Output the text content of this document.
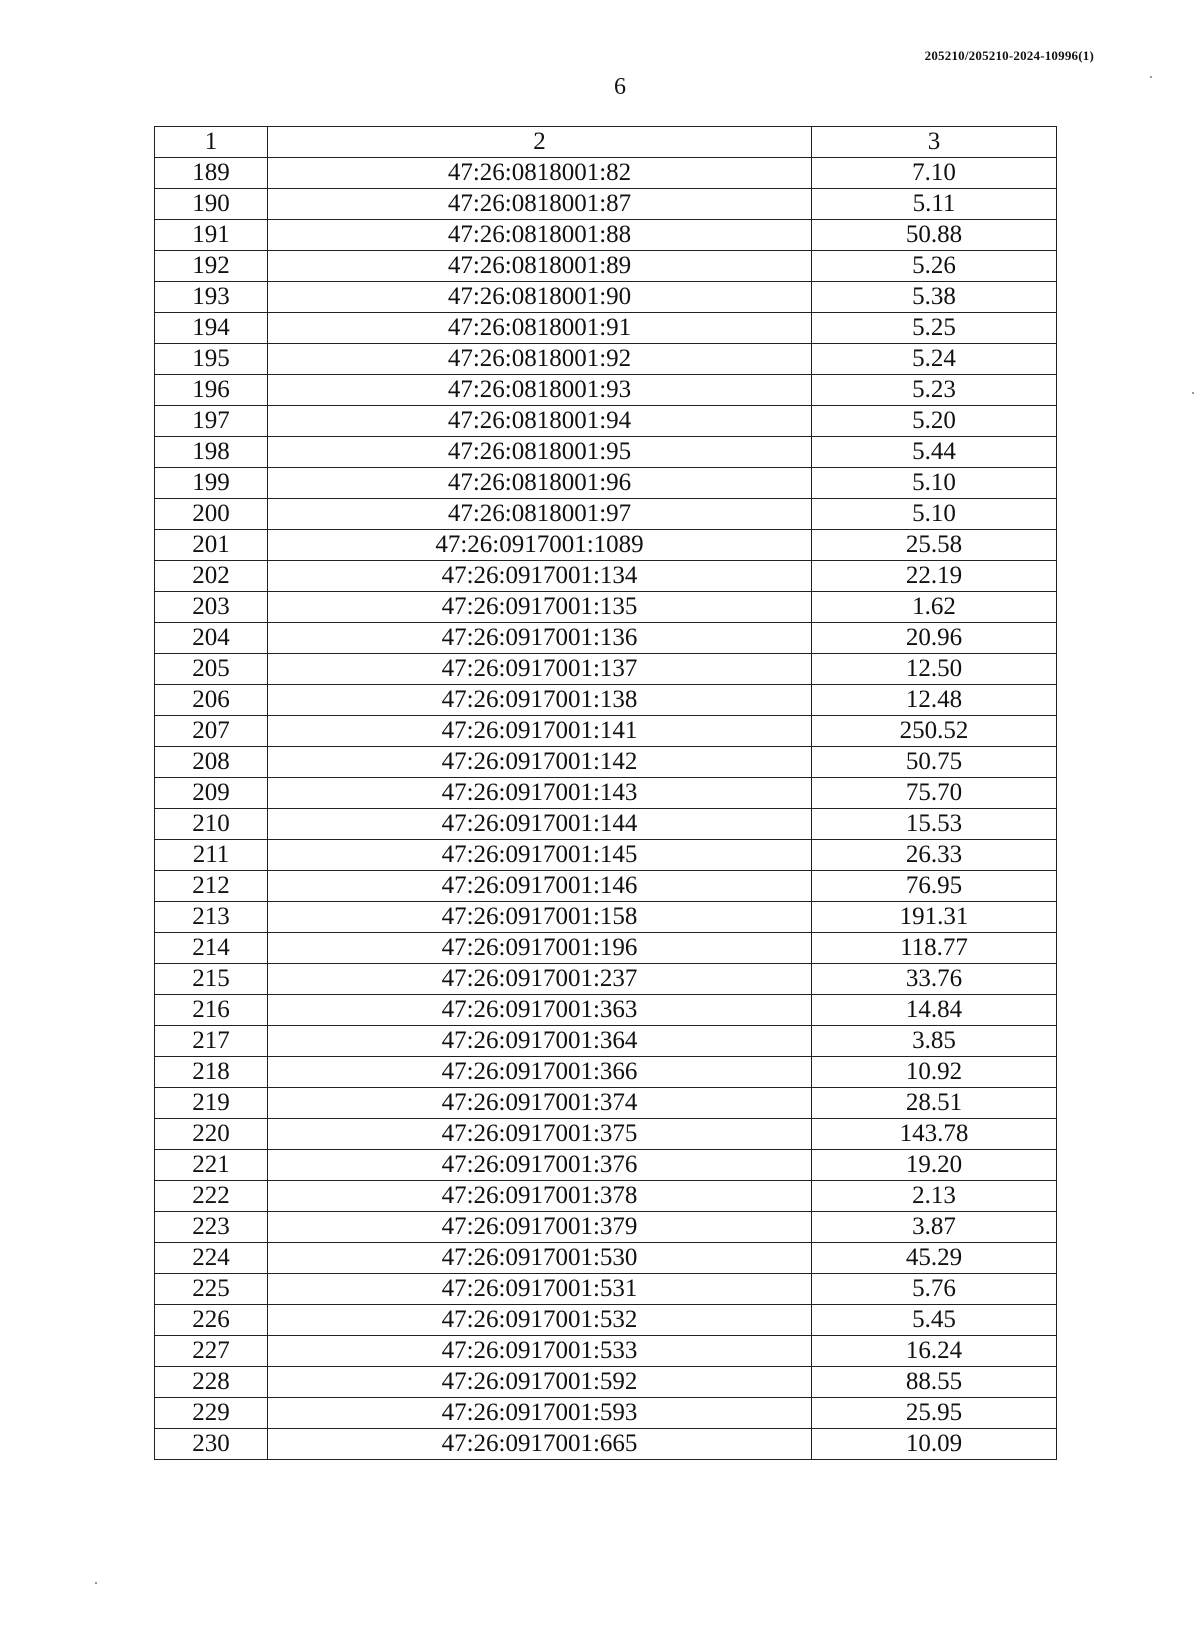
205210/205210-2024-10996(1)
6
1	2	3
189	47:26:0818001:82	7.10
190	47:26:0818001:87	5.11
191	47:26:0818001:88	50.88
192	47:26:0818001:89	5.26
193	47:26:0818001:90	5.38
194	47:26:0818001:91	5.25
195	47:26:0818001:92	5.24
196	47:26:0818001:93	5.23
197	47:26:0818001:94	5.20
198	47:26:0818001:95	5.44
199	47:26:0818001:96	5.10
200	47:26:0818001:97	5.10
201	47:26:0917001:1089	25.58
202	47:26:0917001:134	22.19
203	47:26:0917001:135	1.62
204	47:26:0917001:136	20.96
205	47:26:0917001:137	12.50
206	47:26:0917001:138	12.48
207	47:26:0917001:141	250.52
208	47:26:0917001:142	50.75
209	47:26:0917001:143	75.70
210	47:26:0917001:144	15.53
211	47:26:0917001:145	26.33
212	47:26:0917001:146	76.95
213	47:26:0917001:158	191.31
214	47:26:0917001:196	118.77
215	47:26:0917001:237	33.76
216	47:26:0917001:363	14.84
217	47:26:0917001:364	3.85
218	47:26:0917001:366	10.92
219	47:26:0917001:374	28.51
220	47:26:0917001:375	143.78
221	47:26:0917001:376	19.20
222	47:26:0917001:378	2.13
223	47:26:0917001:379	3.87
224	47:26:0917001:530	45.29
225	47:26:0917001:531	5.76
226	47:26:0917001:532	5.45
227	47:26:0917001:533	16.24
228	47:26:0917001:592	88.55
229	47:26:0917001:593	25.95
230	47:26:0917001:665	10.09
